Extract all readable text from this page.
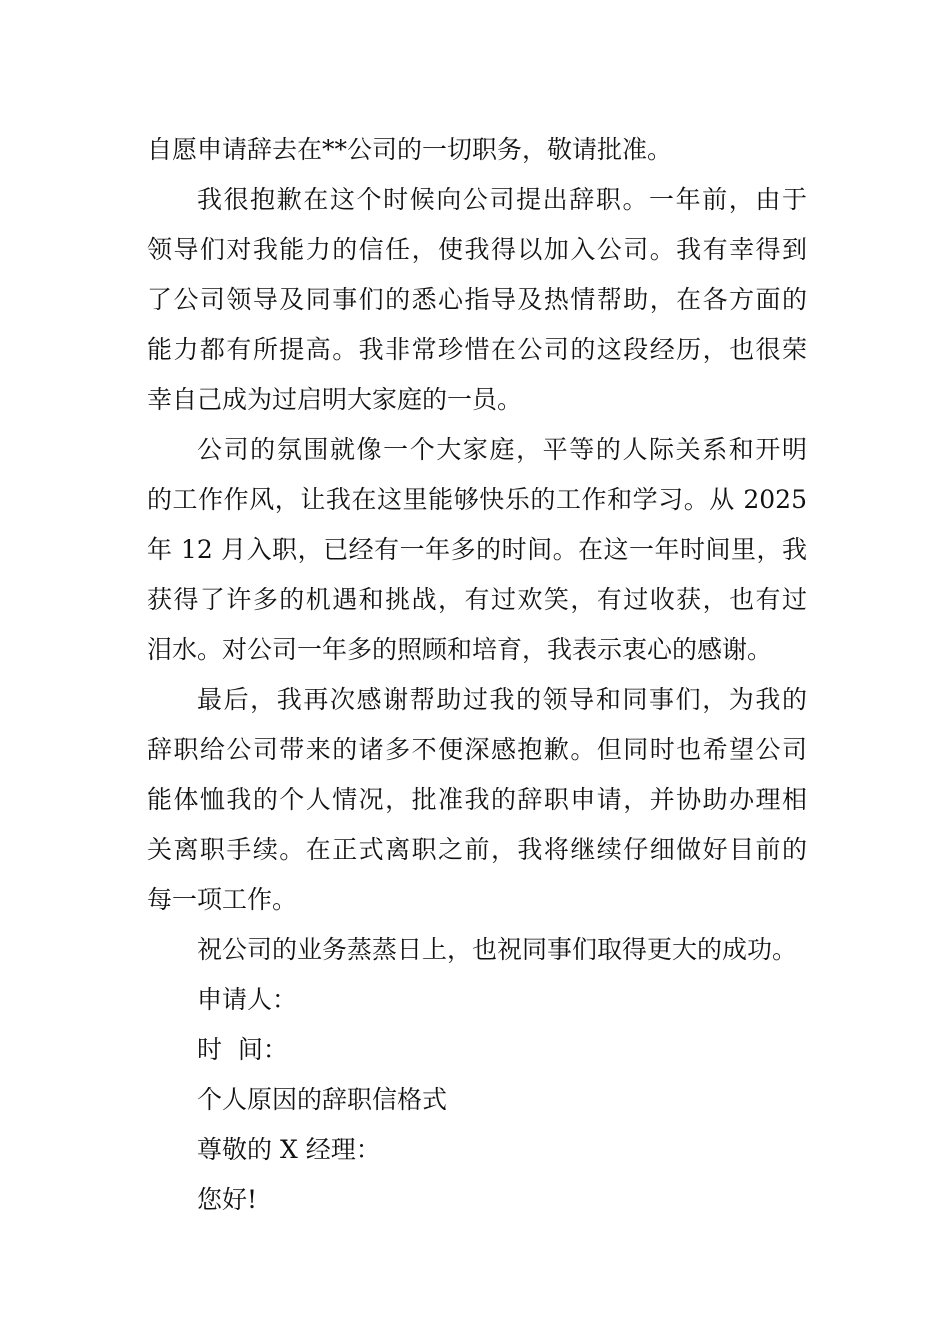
自愿申请辞去在**公司的一切职务，敬请批准。
我很抱歉在这个时候向公司提出辞职。一年前，由于
领导们对我能力的信任，使我得以加入公司。我有幸得到
了公司领导及同事们的悉心指导及热情帮助，在各方面的
能力都有所提高。我非常珍惜在公司的这段经历，也很荣
幸自己成为过启明大家庭的一员。
公司的氛围就像一个大家庭，平等的人际关系和开明
的工作作风，让我在这里能够快乐的工作和学习。从 2025
年 12 月入职，已经有一年多的时间。在这一年时间里，我
获得了许多的机遇和挑战，有过欢笑，有过收获，也有过
泪水。对公司一年多的照顾和培育，我表示衷心的感谢。
最后，我再次感谢帮助过我的领导和同事们，为我的
辞职给公司带来的诸多不便深感抱歉。但同时也希望公司
能体恤我的个人情况，批准我的辞职申请，并协助办理相
关离职手续。在正式离职之前，我将继续仔细做好目前的
每一项工作。
祝公司的业务蒸蒸日上，也祝同事们取得更大的成功。
申请人：
时  间：
个人原因的辞职信格式
尊敬的 X 经理：
您好!
